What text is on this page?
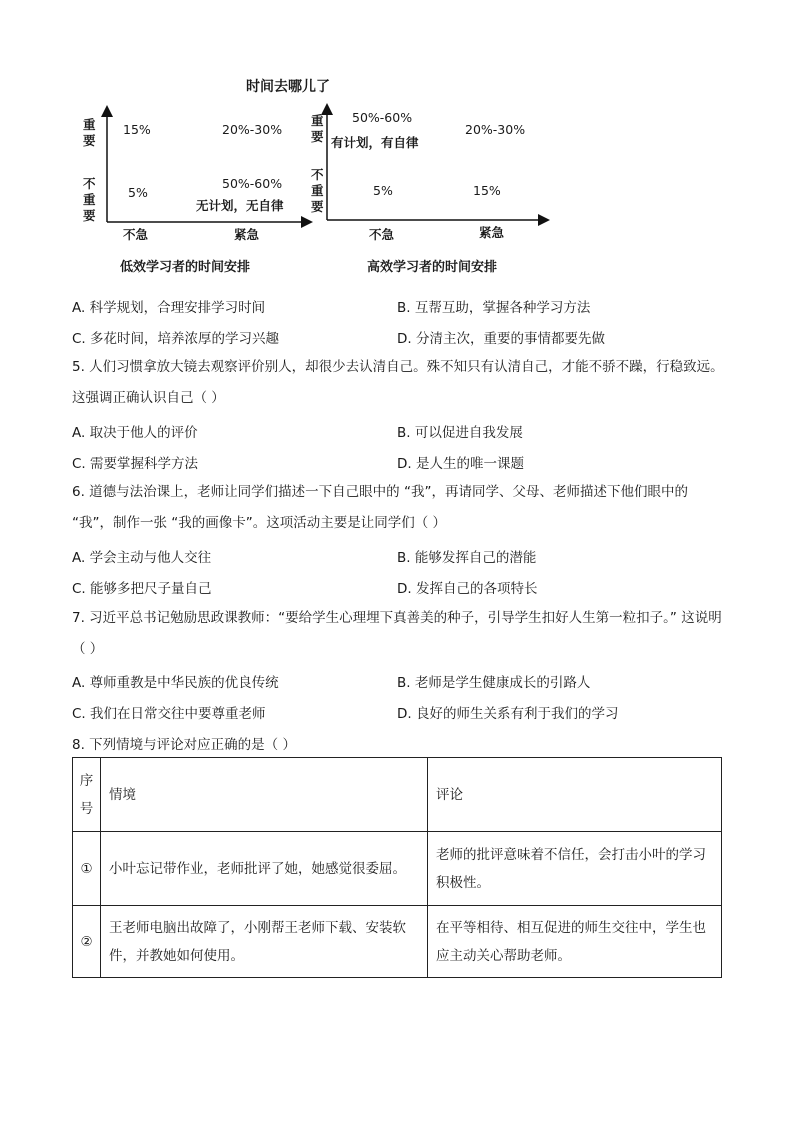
时间去哪儿了
重要
不重要
15%	20%-30%
5%
50%-60%
无计划，无自律
不急	紧急
低效学习者的时间安排
重要
不重要
50%-60%
有计划，有自律
20%-30%
5%	15%
不急	紧急
高效学习者的时间安排
A. 科学规划，合理安排学习时间	B. 互帮互助，掌握各种学习方法
C. 多花时间，培养浓厚的学习兴趣	D. 分清主次，重要的事情都要先做
5. 人们习惯拿放大镜去观察评价别人，却很少去认清自己。殊不知只有认清自己，才能不骄不躁，行稳致远。这强调正确认识自己（ ）
A. 取决于他人的评价	B. 可以促进自我发展
C. 需要掌握科学方法	D. 是人生的唯一课题
6. 道德与法治课上，老师让同学们描述一下自己眼中的 “我”，再请同学、父母、老师描述下他们眼中的 “我”，制作一张 “我的画像卡”。这项活动主要是让同学们（ ）
A. 学会主动与他人交往	B. 能够发挥自己的潜能
C. 能够多把尺子量自己	D. 发挥自己的各项特长
7. 习近平总书记勉励思政课教师：“要给学生心理埋下真善美的种子，引导学生扣好人生第一粒扣子。” 这说明（ ）
A. 尊师重教是中华民族的优良传统	B. 老师是学生健康成长的引路人
C. 我们在日常交往中要尊重老师	D. 良好的师生关系有利于我们的学习
8. 下列情境与评论对应正确的是（ ）
序号	情境	评论
①	小叶忘记带作业，老师批评了她，她感觉很委屈。	老师的批评意味着不信任，会打击小叶的学习积极性。
②	王老师电脑出故障了，小刚帮王老师下载、安装软件，并教她如何使用。	在平等相待、相互促进的师生交往中，学生也应主动关心帮助老师。
